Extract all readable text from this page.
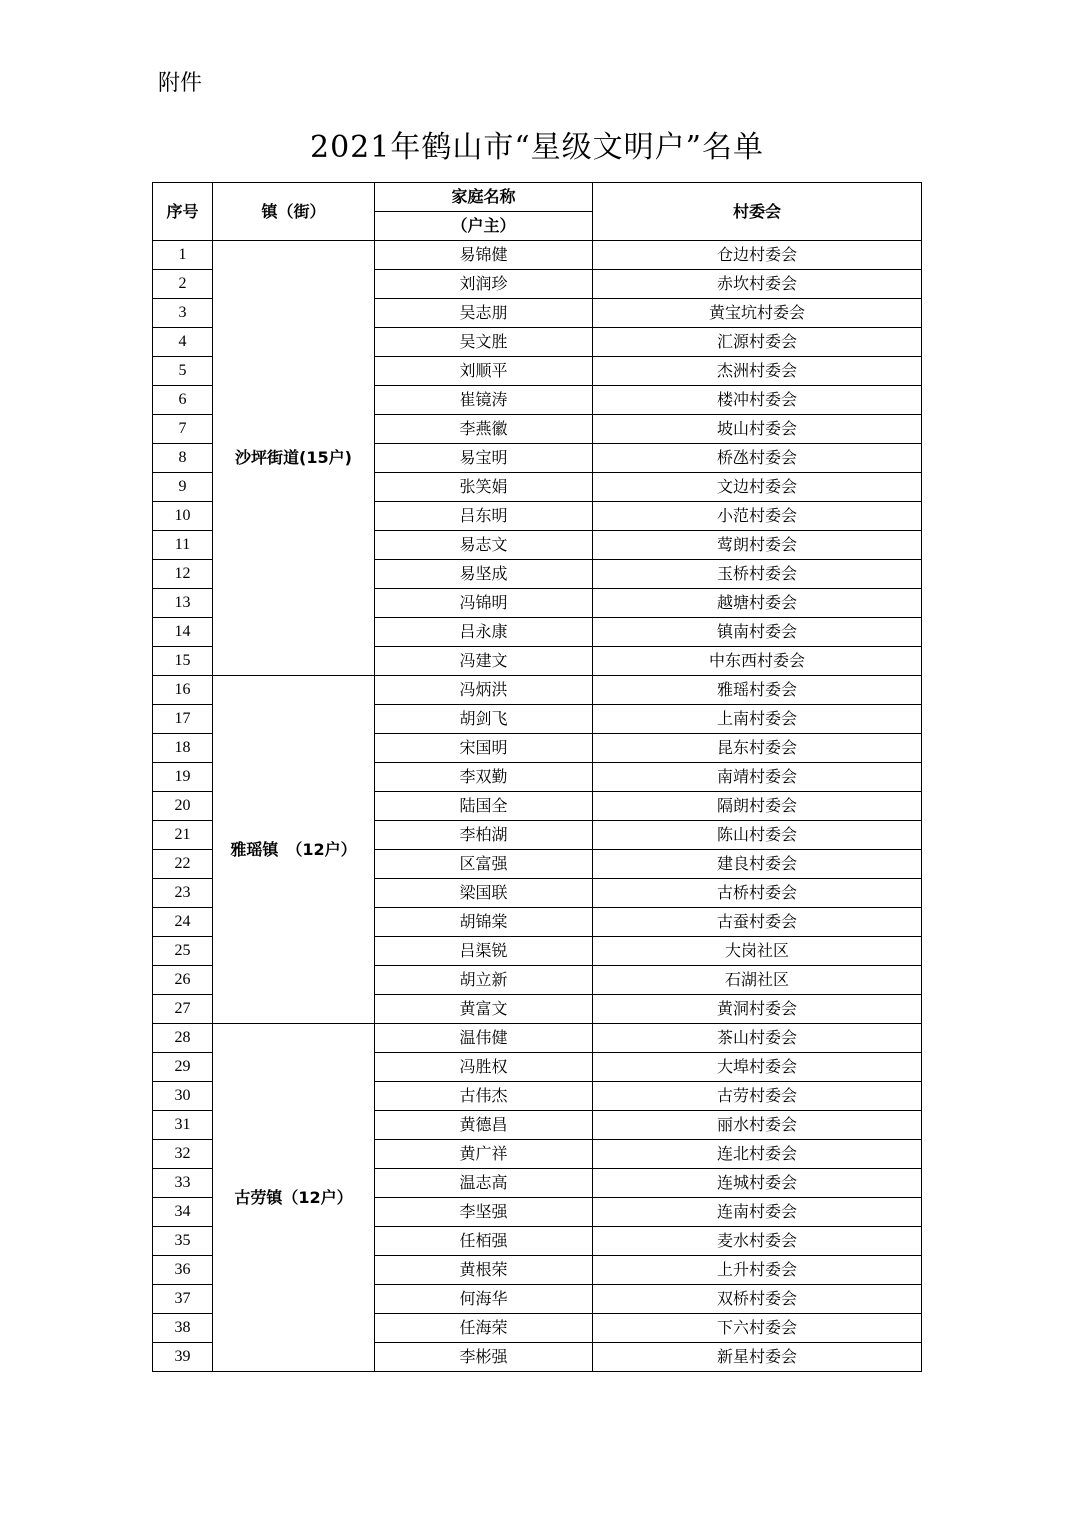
附件
2021年鹤山市“星级文明户”名单
序号	镇（街）	家庭名称	村委会
		（户主）	
1	沙坪街道(15户)	易锦健	仓边村委会
2		刘润珍	赤坎村委会
3		吴志朋	黄宝坑村委会
4		吴文胜	汇源村委会
5		刘顺平	杰洲村委会
6		崔镜涛	楼冲村委会
7		李燕徽	坡山村委会
8		易宝明	桥氹村委会
9		张笑娟	文边村委会
10		吕东明	小范村委会
11		易志文	莺朗村委会
12		易坚成	玉桥村委会
13		冯锦明	越塘村委会
14		吕永康	镇南村委会
15		冯建文	中东西村委会
16	雅瑶镇　（12户）	冯炳洪	雅瑶村委会
17		胡剑飞	上南村委会
18		宋国明	昆东村委会
19		李双勤	南靖村委会
20		陆国全	隔朗村委会
21		李柏湖	陈山村委会
22		区富强	建良村委会
23		梁国联	古桥村委会
24		胡锦棠	古蚕村委会
25		吕渠锐	大岗社区
26		胡立新	石湖社区
27		黄富文	黄洞村委会
28	古劳镇（12户）	温伟健	茶山村委会
29		冯胜权	大埠村委会
30		古伟杰	古劳村委会
31		黄德昌	丽水村委会
32		黄广祥	连北村委会
33		温志高	连城村委会
34		李坚强	连南村委会
35		任栢强	麦水村委会
36		黄根荣	上升村委会
37		何海华	双桥村委会
38		任海荣	下六村委会
39		李彬强	新星村委会
